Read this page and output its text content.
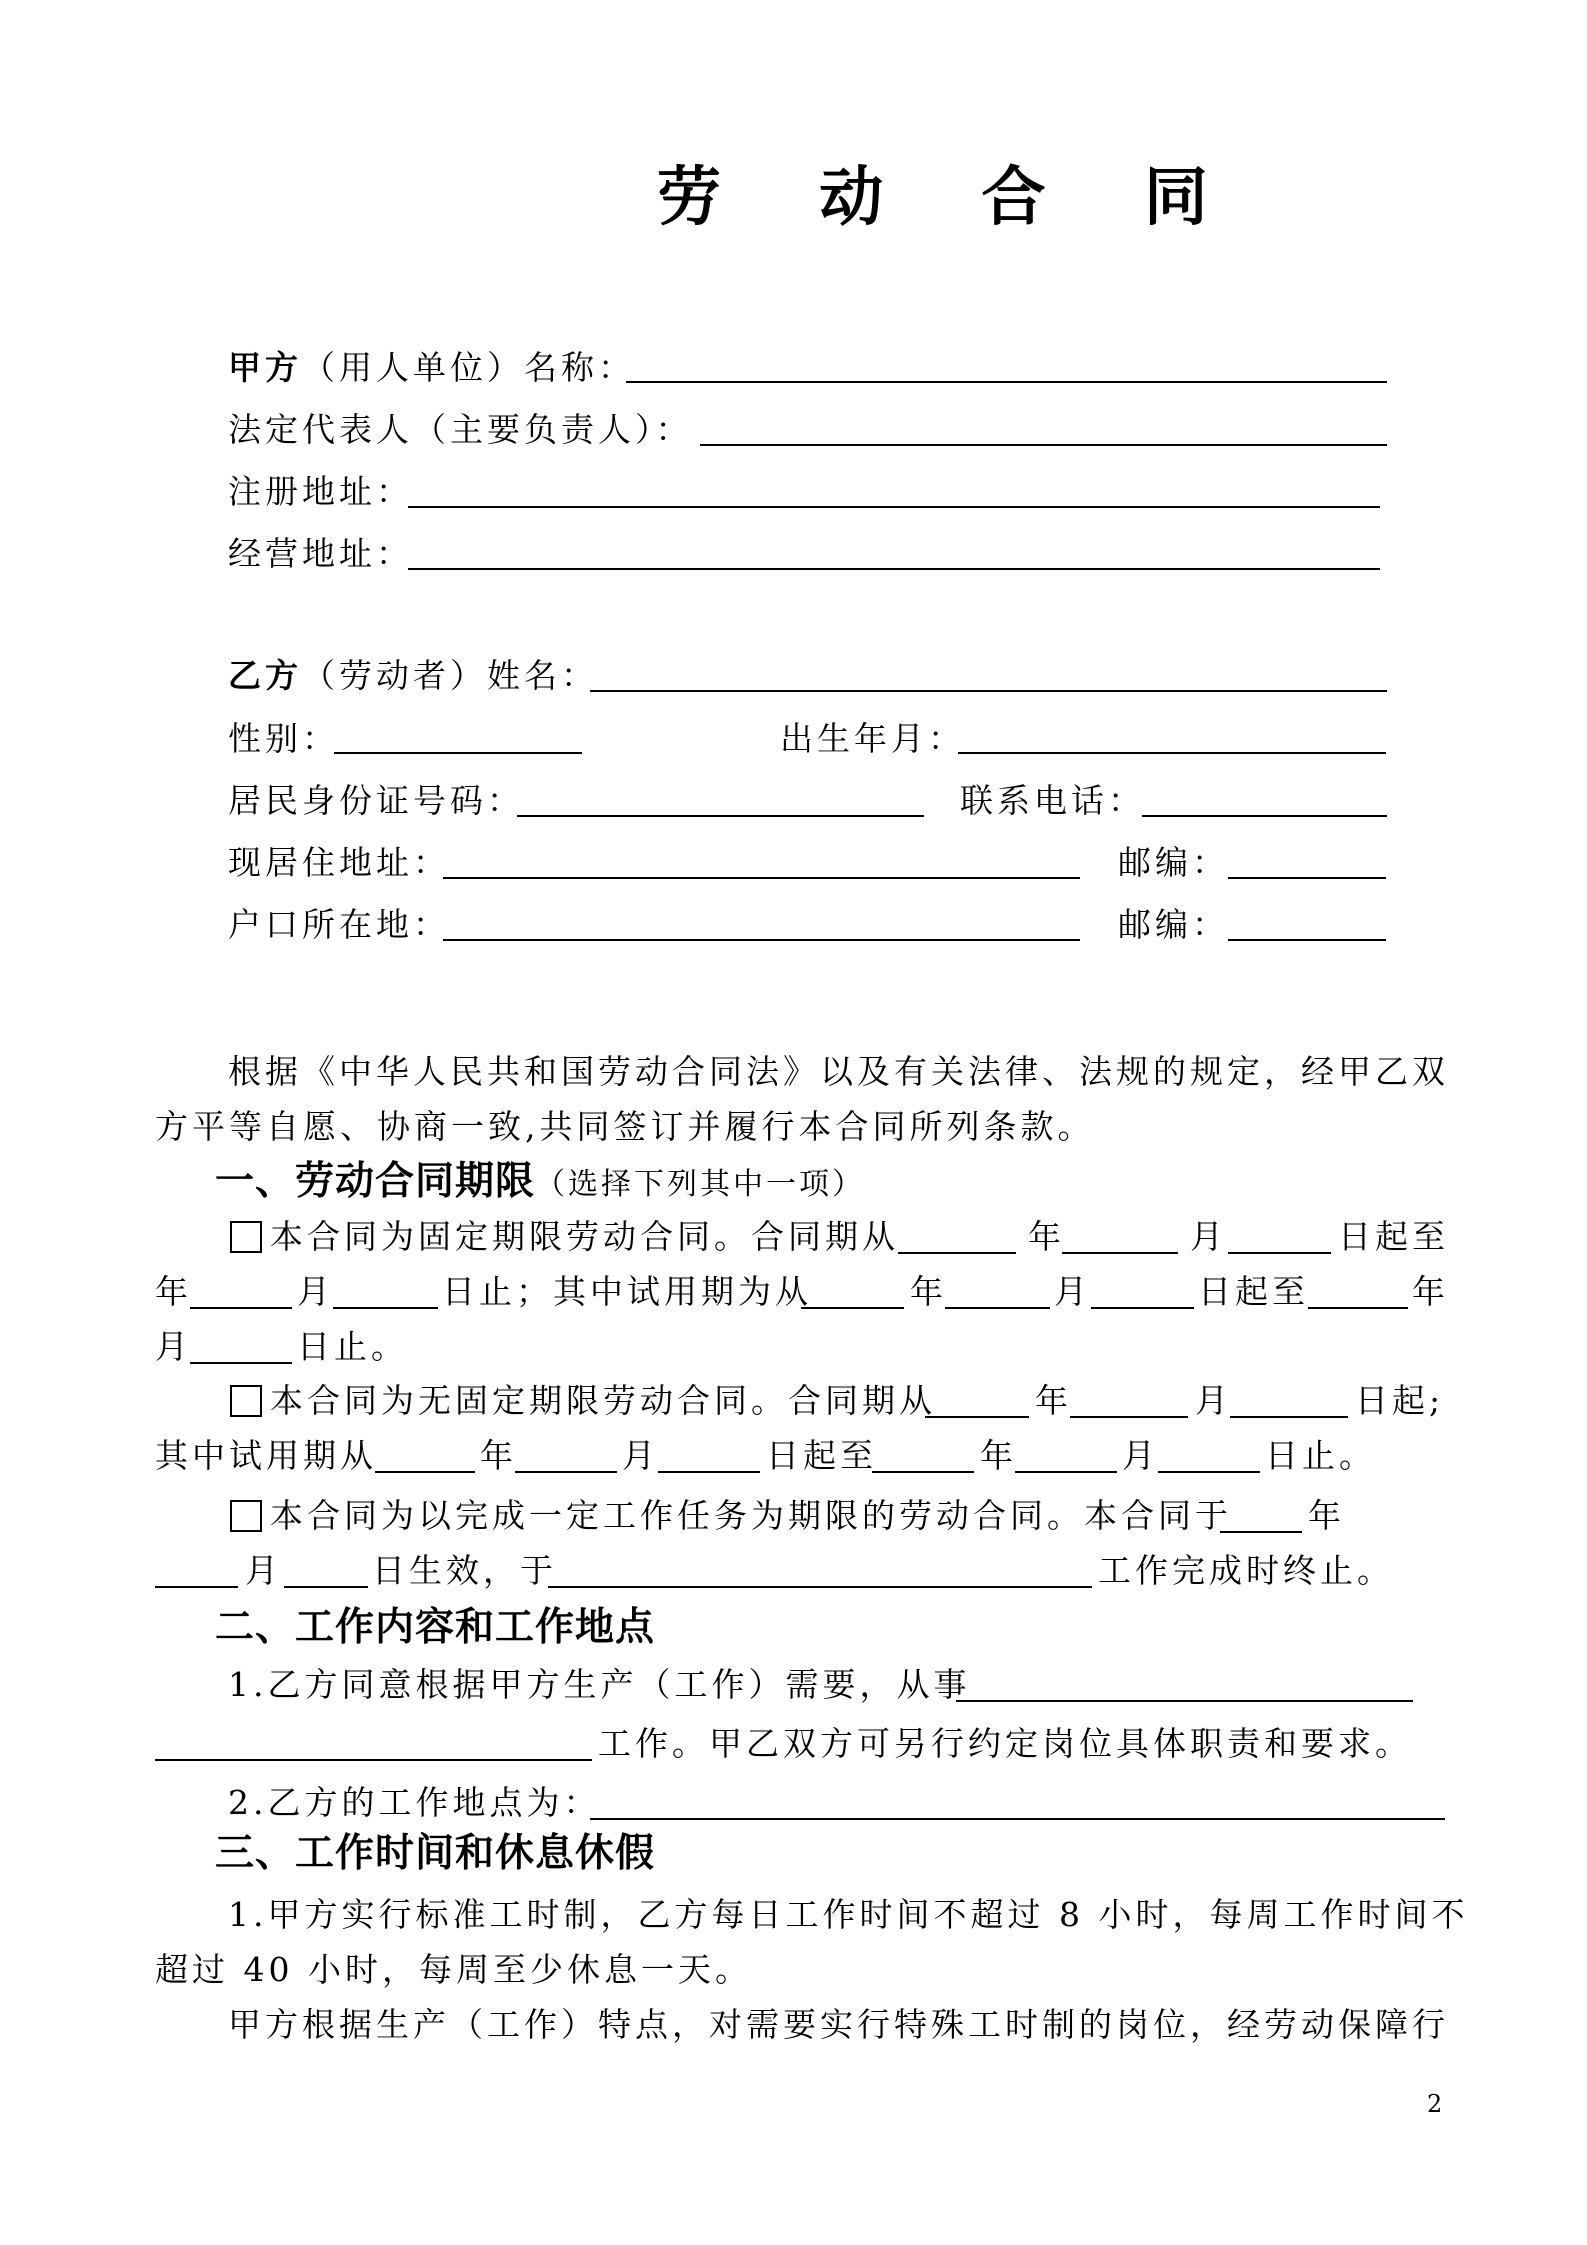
劳 动 合 同
甲方（用人单位）名称：
法定代表人（主要负责人）：
注册地址：
经营地址：
乙方（劳动者）姓名：
性别：	出生年月：
居民身份证号码：	联系电话：
现居住地址：	邮编：
户口所在地：	邮编：
根据《中华人民共和国劳动合同法》以及有关法律、法规的规定，经甲乙双
方平等自愿、协商一致,共同签订并履行本合同所列条款。
一、劳动合同期限（选择下列其中一项）
本合同为固定期限劳动合同。合同期从	年	月	日起至
年	月	日止；其中试用期为从	年	月	日起至	年
月	日止。
本合同为无固定期限劳动合同。合同期从	年	月	日起;
其中试用期从	年	月	日起至	年	月	日止。
本合同为以完成一定工作任务为期限的劳动合同。本合同于 年
月	日生效，于	工作完成时终止。
二、工作内容和工作地点
1.乙方同意根据甲方生产（工作）需要，从事
工作。甲乙双方可另行约定岗位具体职责和要求。
2.乙方的工作地点为：
三、工作时间和休息休假
1.甲方实行标准工时制，乙方每日工作时间不超过 8 小时，每周工作时间不
超过 40 小时，每周至少休息一天。
甲方根据生产（工作）特点，对需要实行特殊工时制的岗位，经劳动保障行
2
